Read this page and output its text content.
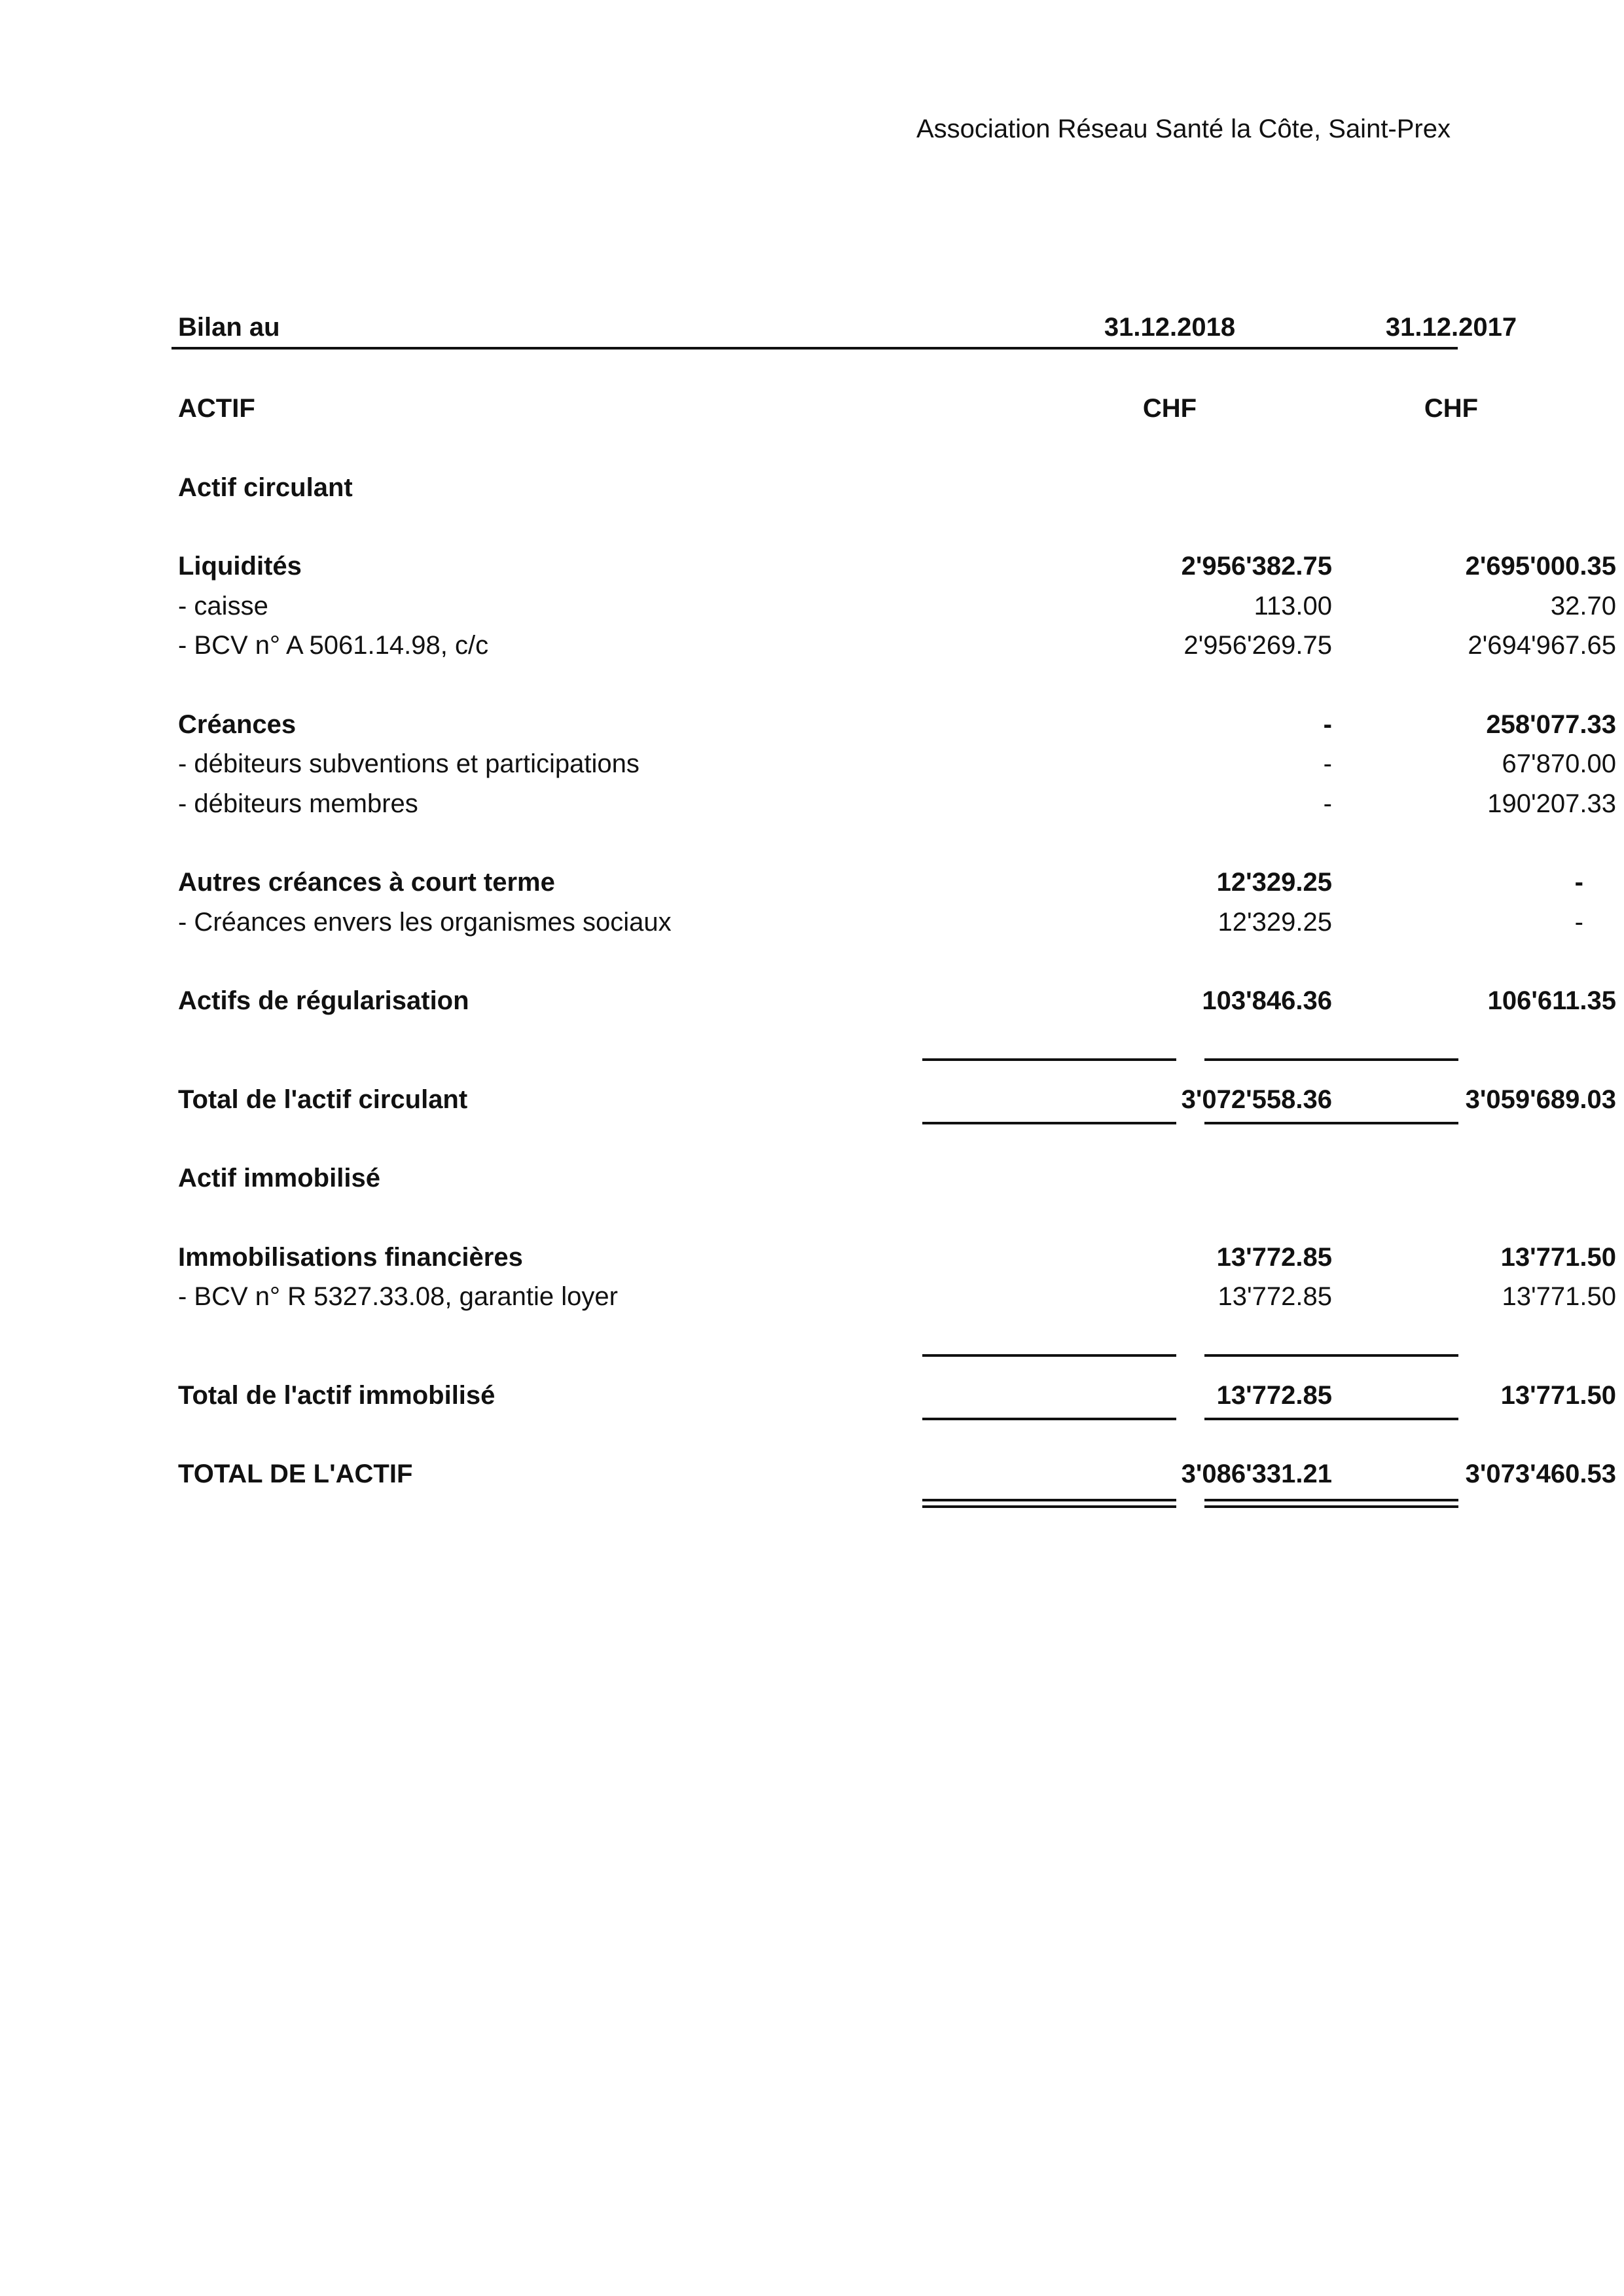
Association Réseau Santé la Côte, Saint-Prex
Bilan au	31.12.2018	31.12.2017
ACTIF	CHF	CHF
Actif circulant
Liquidités	2'956'382.75	2'695'000.35
- caisse	113.00	32.70
- BCV n° A 5061.14.98, c/c	2'956'269.75	2'694'967.65
Créances	-	258'077.33
- débiteurs subventions et participations	-	67'870.00
- débiteurs membres	-	190'207.33
Autres créances à court terme	12'329.25	-
- Créances envers les organismes sociaux	12'329.25	-
Actifs de régularisation	103'846.36	106'611.35
Total de l'actif circulant	3'072'558.36	3'059'689.03
Actif immobilisé
Immobilisations financières	13'772.85	13'771.50
- BCV n° R 5327.33.08, garantie loyer	13'772.85	13'771.50
Total de l'actif immobilisé	13'772.85	13'771.50
TOTAL DE L'ACTIF	3'086'331.21	3'073'460.53
